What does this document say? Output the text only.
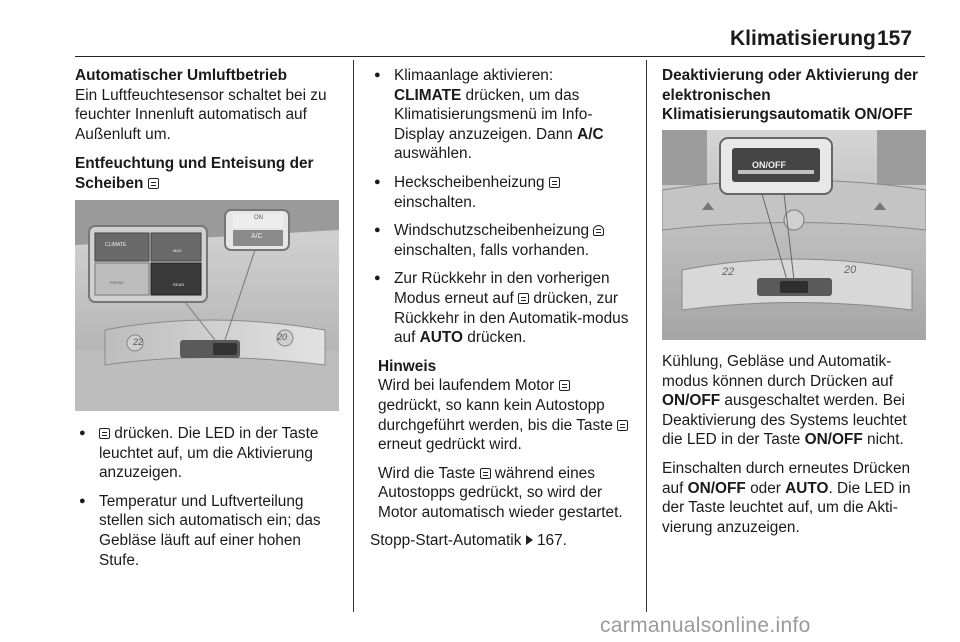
Klimatisierung 157
Automatischer Umluftbetrieb

Ein Luftfeuchtesensor schaltet bei zu feuchter Innenluft automatisch auf Außenluft um.

Entfeuchtung und Enteisung der Scheiben
CLIMATE
MAX
REAR
FRONT
ON
A/C
22	20
● drücken. Die LED in der Taste leuchtet auf, um die Aktivierung anzuzeigen.
● Temperatur und Luftverteilung stellen sich automatisch ein; das Gebläse läuft auf einer hohen Stufe.
● Klimaanlage aktivieren:
CLIMATE drücken, um das Klimatisierungsmenü im Info-Display anzuzeigen. Dann A/C auswählen.
● Heckscheibenheizung
einschalten.
● Windschutzscheibenheizung
einschalten, falls vorhanden.
● Zur Rückkehr in den vorherigen Modus erneut auf  drücken, zur Rückkehr in den Automatik-modus auf AUTO drücken.
Hinweis

Wird bei laufendem Motor  gedrückt, so kann kein Autostopp durchgeführt werden, bis die Taste  erneut gedrückt wird.

Wird die Taste  während eines Autostopps gedrückt, so wird der Motor automatisch wieder gestartet.

Stopp-Start-Automatik  167.

Deaktivierung oder Aktivierung der elektronischen Klimatisierungsautomatik ON/OFF
ON/OFF
22	20

Kühlung, Gebläse und Automatik-modus können durch Drücken auf ON/OFF ausgeschaltet werden. Bei Deaktivierung des Systems leuchtet die LED in der Taste ON/OFF nicht.

Einschalten durch erneutes Drücken auf ON/OFF oder AUTO. Die LED in der Taste leuchtet auf, um die Akti-vierung anzuzeigen.

carmanualsonline.info
